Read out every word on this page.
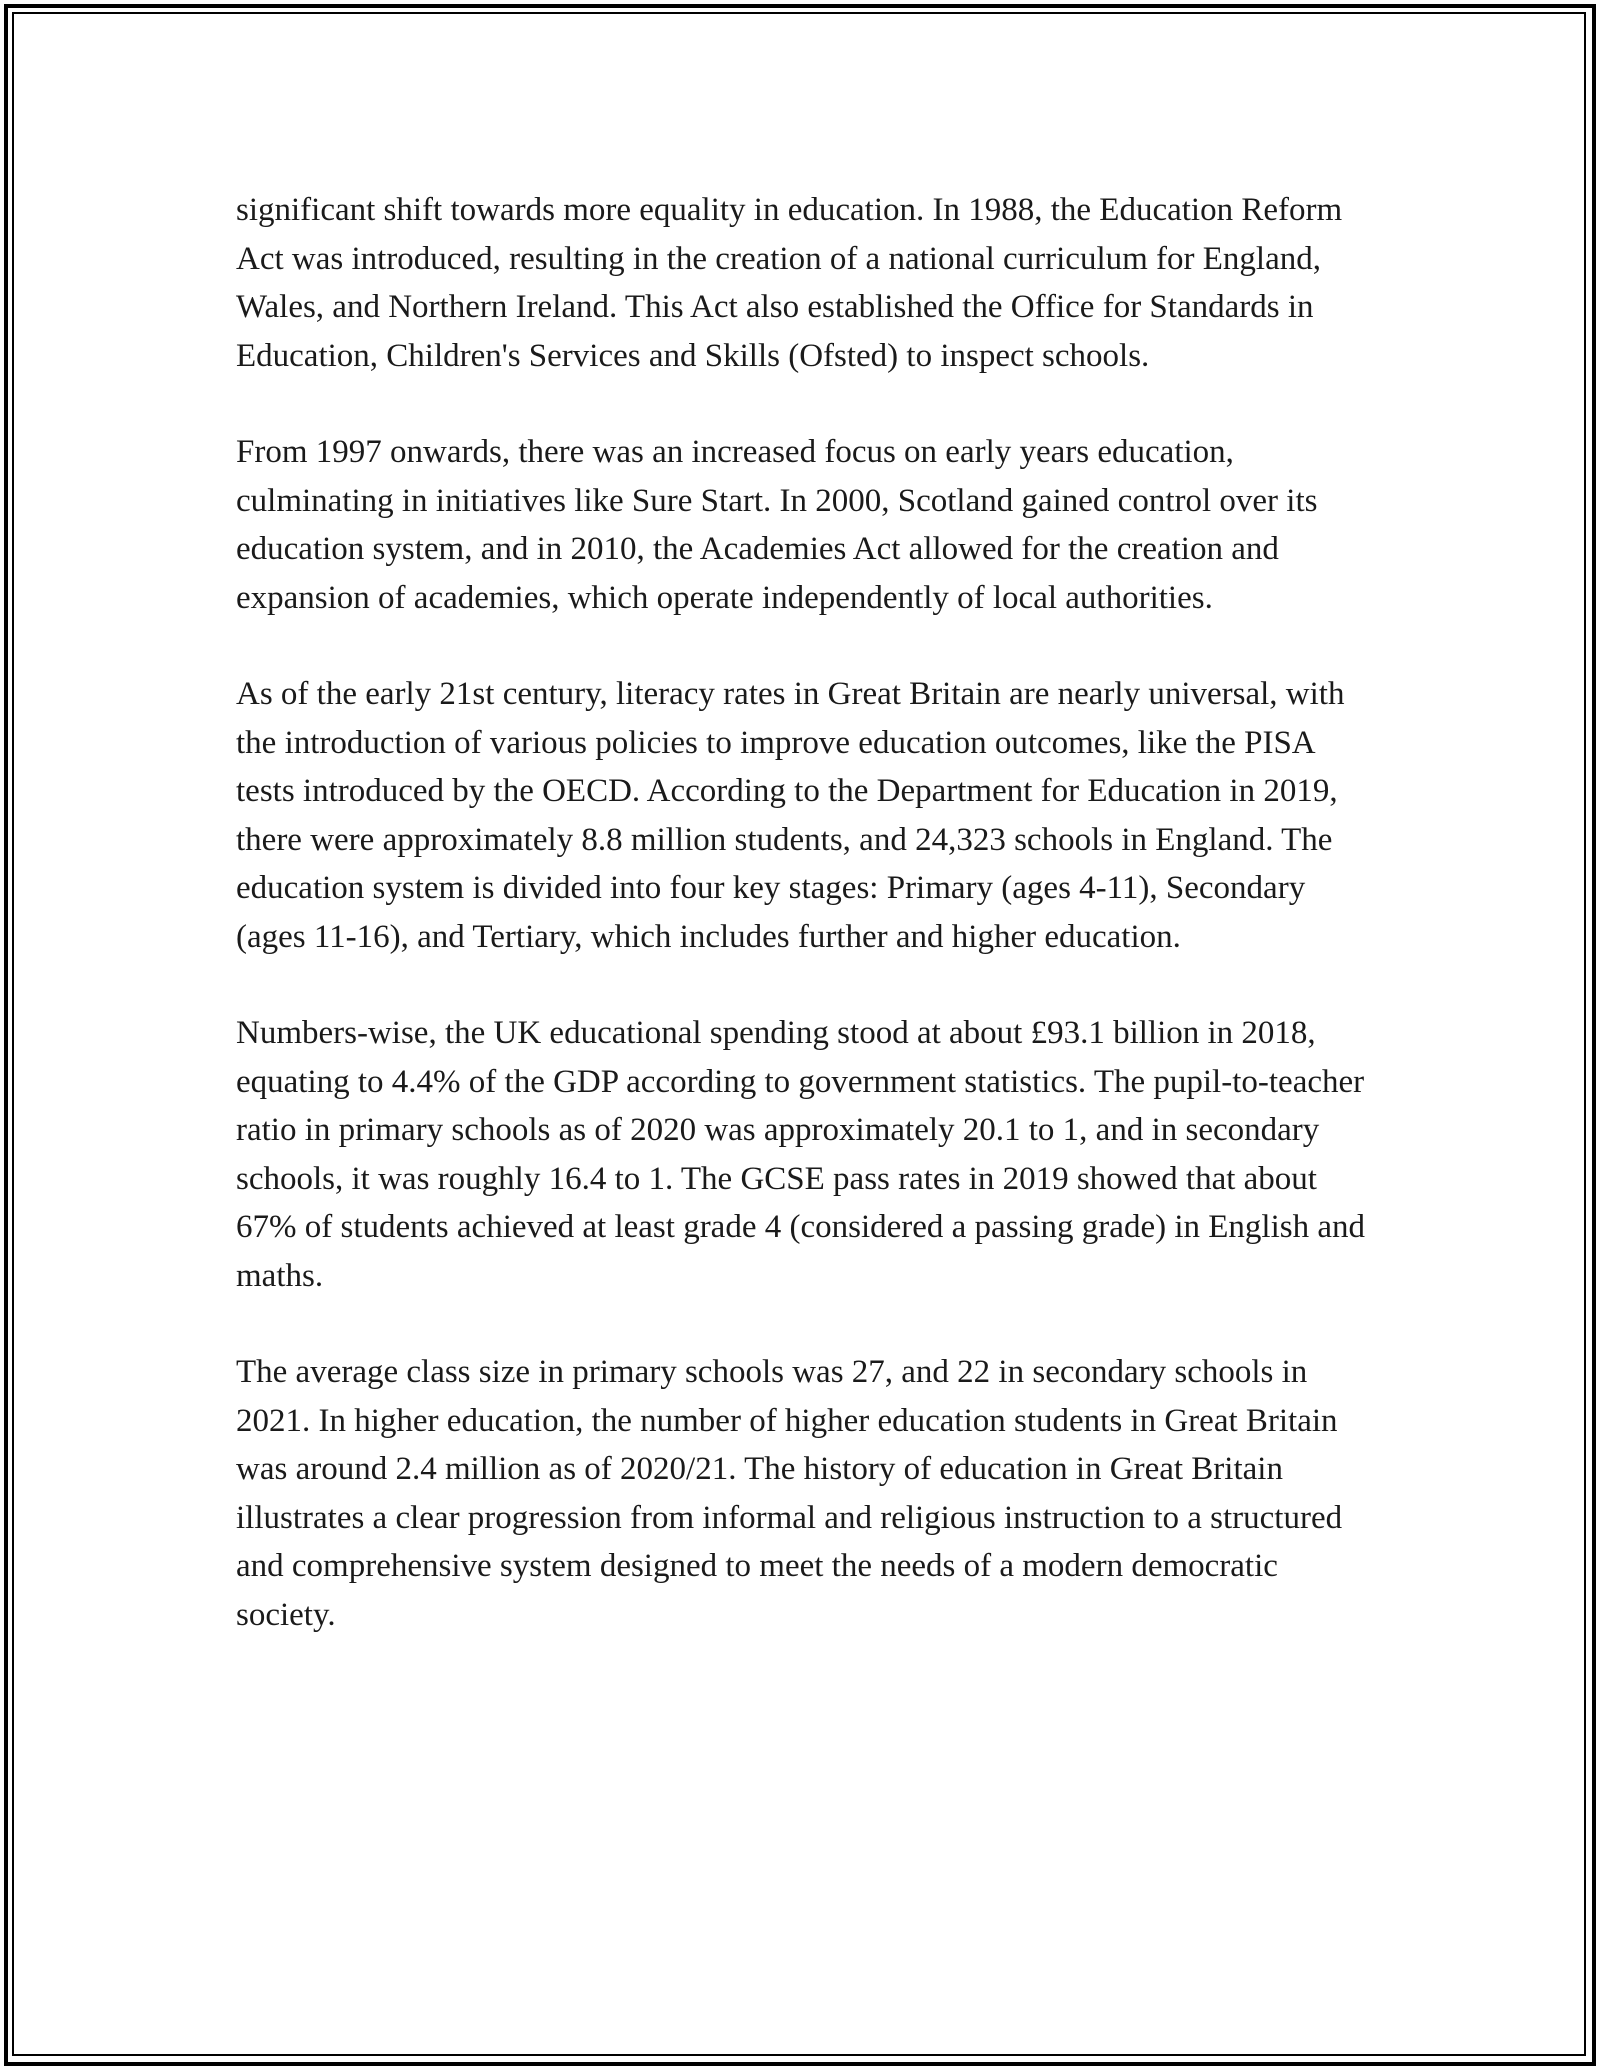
significant shift towards more equality in education. In 1988, the Education Reform Act was introduced, resulting in the creation of a national curriculum for England, Wales, and Northern Ireland. This Act also established the Office for Standards in Education, Children's Services and Skills (Ofsted) to inspect schools.

From 1997 onwards, there was an increased focus on early years education, culminating in initiatives like Sure Start. In 2000, Scotland gained control over its education system, and in 2010, the Academies Act allowed for the creation and expansion of academies, which operate independently of local authorities.

As of the early 21st century, literacy rates in Great Britain are nearly universal, with the introduction of various policies to improve education outcomes, like the PISA tests introduced by the OECD. According to the Department for Education in 2019, there were approximately 8.8 million students, and 24,323 schools in England. The education system is divided into four key stages: Primary (ages 4-11), Secondary (ages 11-16), and Tertiary, which includes further and higher education.

Numbers-wise, the UK educational spending stood at about £93.1 billion in 2018, equating to 4.4% of the GDP according to government statistics. The pupil-to-teacher ratio in primary schools as of 2020 was approximately 20.1 to 1, and in secondary schools, it was roughly 16.4 to 1. The GCSE pass rates in 2019 showed that about 67% of students achieved at least grade 4 (considered a passing grade) in English and maths.

The average class size in primary schools was 27, and 22 in secondary schools in 2021. In higher education, the number of higher education students in Great Britain was around 2.4 million as of 2020/21. The history of education in Great Britain illustrates a clear progression from informal and religious instruction to a structured and comprehensive system designed to meet the needs of a modern democratic society.
